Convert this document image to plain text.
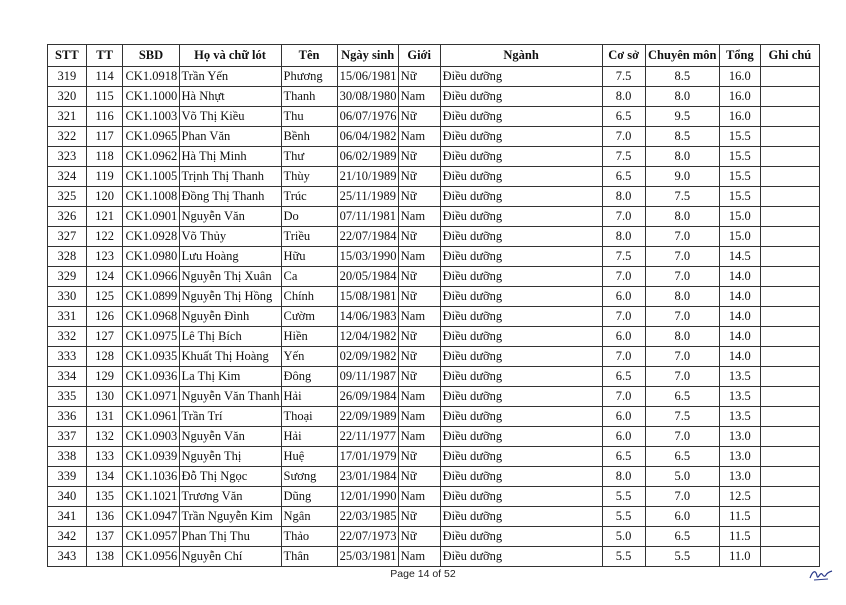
STT	TT	SBD	Họ và chữ lót	Tên	Ngày sinh	Giới	Ngành	Cơ sở	Chuyên môn	Tổng	Ghi chú
319	114	CK1.0918	Trần Yến	Phương	15/06/1981	Nữ	Điều dưỡng	7.5	8.5	16.0	
320	115	CK1.1000	Hà Nhựt	Thanh	30/08/1980	Nam	Điều dưỡng	8.0	8.0	16.0	
321	116	CK1.1003	Võ Thị Kiều	Thu	06/07/1976	Nữ	Điều dưỡng	6.5	9.5	16.0	
322	117	CK1.0965	Phan Văn	Bềnh	06/04/1982	Nam	Điều dưỡng	7.0	8.5	15.5	
323	118	CK1.0962	Hà Thị Minh	Thư	06/02/1989	Nữ	Điều dưỡng	7.5	8.0	15.5	
324	119	CK1.1005	Trịnh Thị Thanh	Thùy	21/10/1989	Nữ	Điều dưỡng	6.5	9.0	15.5	
325	120	CK1.1008	Đồng Thị Thanh	Trúc	25/11/1989	Nữ	Điều dưỡng	8.0	7.5	15.5	
326	121	CK1.0901	Nguyễn Văn	Do	07/11/1981	Nam	Điều dưỡng	7.0	8.0	15.0	
327	122	CK1.0928	Võ Thủy	Triều	22/07/1984	Nữ	Điều dưỡng	8.0	7.0	15.0	
328	123	CK1.0980	Lưu Hoàng	Hữu	15/03/1990	Nam	Điều dưỡng	7.5	7.0	14.5	
329	124	CK1.0966	Nguyễn Thị Xuân	Ca	20/05/1984	Nữ	Điều dưỡng	7.0	7.0	14.0	
330	125	CK1.0899	Nguyễn Thị Hồng	Chính	15/08/1981	Nữ	Điều dưỡng	6.0	8.0	14.0	
331	126	CK1.0968	Nguyễn Đình	Cườm	14/06/1983	Nam	Điều dưỡng	7.0	7.0	14.0	
332	127	CK1.0975	Lê Thị Bích	Hiền	12/04/1982	Nữ	Điều dưỡng	6.0	8.0	14.0	
333	128	CK1.0935	Khuất Thị Hoàng	Yến	02/09/1982	Nữ	Điều dưỡng	7.0	7.0	14.0	
334	129	CK1.0936	La Thị Kim	Đông	09/11/1987	Nữ	Điều dưỡng	6.5	7.0	13.5	
335	130	CK1.0971	Nguyễn Văn Thanh	Hải	26/09/1984	Nam	Điều dưỡng	7.0	6.5	13.5	
336	131	CK1.0961	Trần Trí	Thoại	22/09/1989	Nam	Điều dưỡng	6.0	7.5	13.5	
337	132	CK1.0903	Nguyễn Văn	Hải	22/11/1977	Nam	Điều dưỡng	6.0	7.0	13.0	
338	133	CK1.0939	Nguyễn Thị	Huệ	17/01/1979	Nữ	Điều dưỡng	6.5	6.5	13.0	
339	134	CK1.1036	Đỗ Thị Ngọc	Sương	23/01/1984	Nữ	Điều dưỡng	8.0	5.0	13.0	
340	135	CK1.1021	Trương Văn	Dũng	12/01/1990	Nam	Điều dưỡng	5.5	7.0	12.5	
341	136	CK1.0947	Trần Nguyễn Kim	Ngân	22/03/1985	Nữ	Điều dưỡng	5.5	6.0	11.5	
342	137	CK1.0957	Phan Thị Thu	Thảo	22/07/1973	Nữ	Điều dưỡng	5.0	6.5	11.5	
343	138	CK1.0956	Nguyễn Chí	Thân	25/03/1981	Nam	Điều dưỡng	5.5	5.5	11.0	
Page 14 of 52
